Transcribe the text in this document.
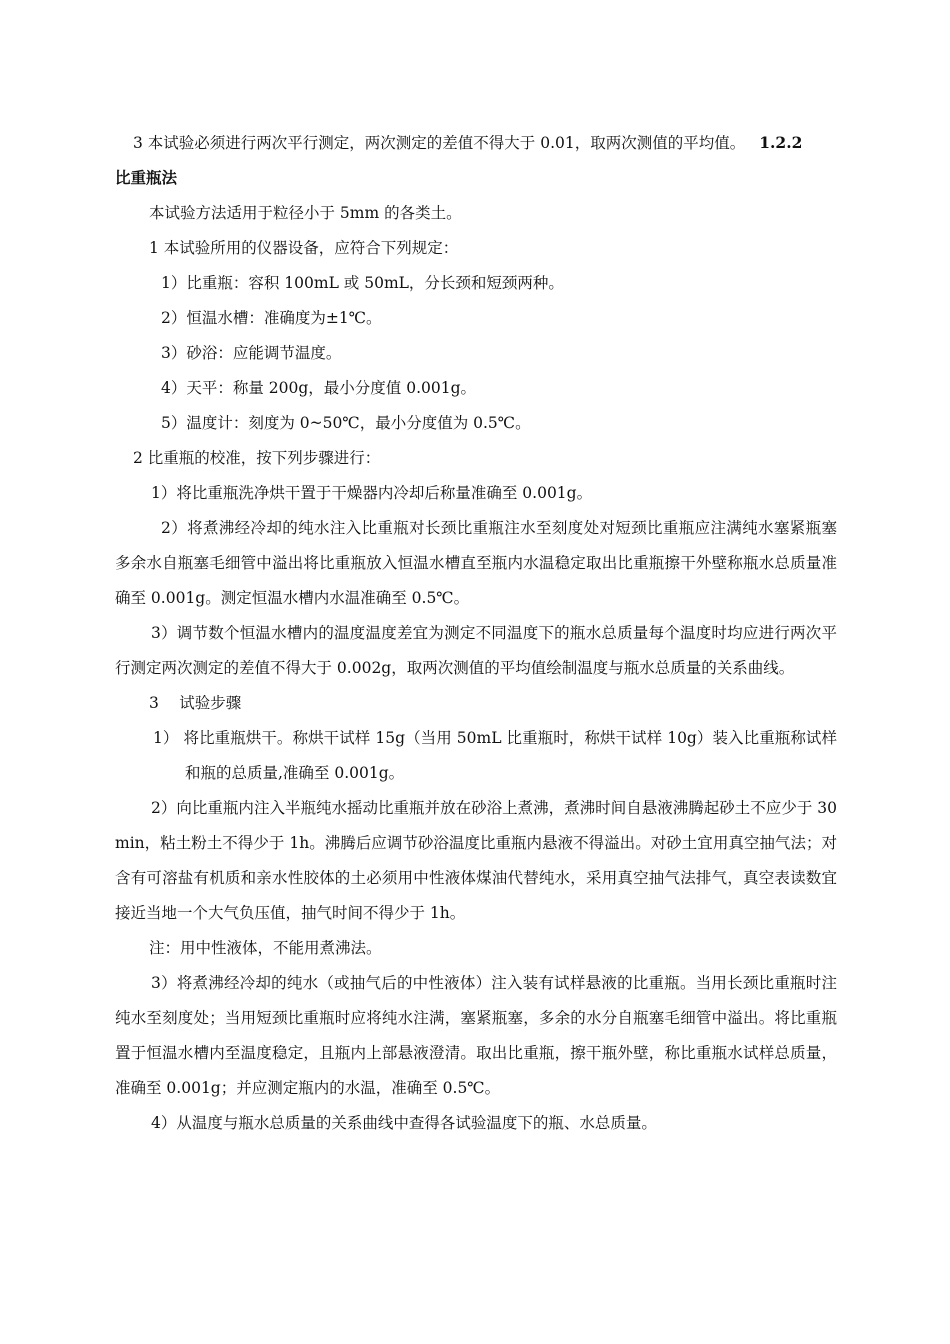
3 本试验必须进行两次平行测定，两次测定的差值不得大于 0.01，取两次测值的平均值。 1.2.2

比重瓶法

本试验方法适用于粒径小于 5mm 的各类土。

1 本试验所用的仪器设备，应符合下列规定：

1）比重瓶：容积 100mL 或 50mL，分长颈和短颈两种。

2）恒温水槽：准确度为±1℃。

3）砂浴：应能调节温度。

4）天平：称量 200g，最小分度值 0.001g。

5）温度计：刻度为 0~50℃，最小分度值为 0.5℃。

2 比重瓶的校准，按下列步骤进行：

1）将比重瓶洗净烘干置于干燥器内冷却后称量准确至 0.001g。

2）将煮沸经冷却的纯水注入比重瓶对长颈比重瓶注水至刻度处对短颈比重瓶应注满纯水塞紧瓶塞多余水自瓶塞毛细管中溢出将比重瓶放入恒温水槽直至瓶内水温稳定取出比重瓶擦干外壁称瓶水总质量准确至 0.001g。测定恒温水槽内水温准确至 0.5℃。

3）调节数个恒温水槽内的温度温度差宜为测定不同温度下的瓶水总质量每个温度时均应进行两次平行测定两次测定的差值不得大于 0.002g，取两次测值的平均值绘制温度与瓶水总质量的关系曲线。

3　 试验步骤

1） 将比重瓶烘干。称烘干试样 15g（当用 50mL 比重瓶时，称烘干试样 10g）装入比重瓶称试样和瓶的总质量,准确至 0.001g。

2）向比重瓶内注入半瓶纯水摇动比重瓶并放在砂浴上煮沸，煮沸时间自悬液沸腾起砂土不应少于 30min，粘土粉土不得少于 1h。沸腾后应调节砂浴温度比重瓶内悬液不得溢出。对砂土宜用真空抽气法；对含有可溶盐有机质和亲水性胶体的土必须用中性液体煤油代替纯水，采用真空抽气法排气，真空表读数宜接近当地一个大气负压值，抽气时间不得少于 1h。

注：用中性液体，不能用煮沸法。

3）将煮沸经冷却的纯水（或抽气后的中性液体）注入装有试样悬液的比重瓶。当用长颈比重瓶时注纯水至刻度处；当用短颈比重瓶时应将纯水注满，塞紧瓶塞，多余的水分自瓶塞毛细管中溢出。将比重瓶置于恒温水槽内至温度稳定，且瓶内上部悬液澄清。取出比重瓶，擦干瓶外壁，称比重瓶水试样总质量，准确至 0.001g；并应测定瓶内的水温，准确至 0.5℃。

4）从温度与瓶水总质量的关系曲线中查得各试验温度下的瓶、水总质量。
